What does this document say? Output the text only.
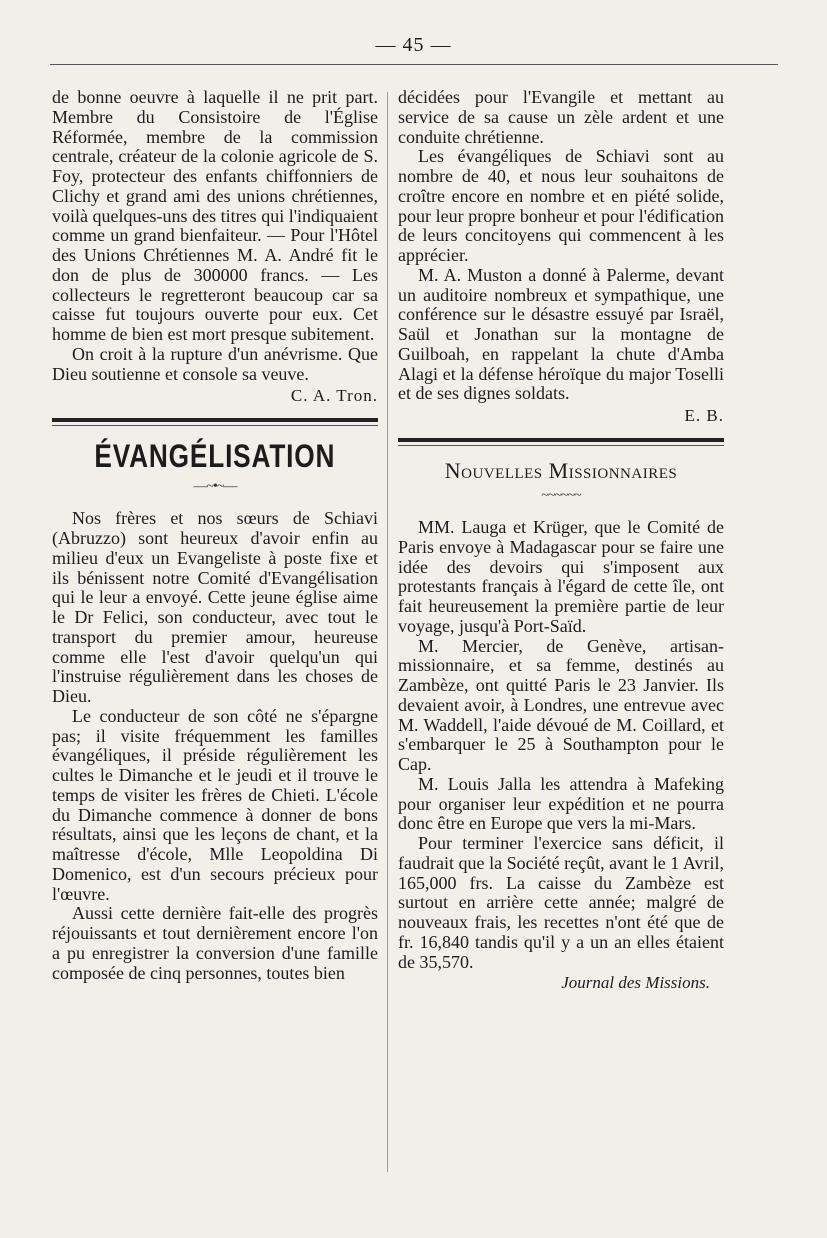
— 45 —

de bonne oeuvre à laquelle il ne prit part. Membre du Consistoire de l'Église Réformée, membre de la commission centrale, créateur de la colonie agricole de S. Foy, protecteur des enfants chiffonniers de Clichy et grand ami des unions chrétiennes, voilà quelques-uns des titres qui l'indiquaient comme un grand bienfaiteur. — Pour l'Hôtel des Unions Chrétiennes M. A. André fit le don de plus de 300000 francs. — Les collecteurs le regretteront beaucoup car sa caisse fut toujours ouverte pour eux. Cet homme de bien est mort presque subitement.

On croit à la rupture d'un anévrisme. Que Dieu soutienne et console sa veuve.

C. A. Tron.
ÉVANGÉLISATION
—~•~—

Nos frères et nos sœurs de Schiavi (Abruzzo) sont heureux d'avoir enfin au milieu d'eux un Evangeliste à poste fixe et ils bénissent notre Comité d'Evangélisation qui le leur a envoyé. Cette jeune église aime le Dr Felici, son conducteur, avec tout le transport du premier amour, heureuse comme elle l'est d'avoir quelqu'un qui l'instruise régulièrement dans les choses de Dieu.

Le conducteur de son côté ne s'épargne pas; il visite fréquemment les familles évangéliques, il préside régulièrement les cultes le Dimanche et le jeudi et il trouve le temps de visiter les frères de Chieti. L'école du Dimanche commence à donner de bons résultats, ainsi que les leçons de chant, et la maîtresse d'école, Mlle Leopoldina Di Domenico, est d'un secours précieux pour l'œuvre.

Aussi cette dernière fait-elle des progrès réjouissants et tout dernièrement encore l'on a pu enregistrer la conversion d'une famille composée de cinq personnes, toutes bien

décidées pour l'Evangile et mettant au service de sa cause un zèle ardent et une conduite chrétienne.

Les évangéliques de Schiavi sont au nombre de 40, et nous leur souhaitons de croître encore en nombre et en piété solide, pour leur propre bonheur et pour l'édification de leurs concitoyens qui commencent à les apprécier.

M. A. Muston a donné à Palerme, devant un auditoire nombreux et sympathique, une conférence sur le désastre essuyé par Israël, Saül et Jonathan sur la montagne de Guilboah, en rappelant la chute d'Amba Alagi et la défense héroïque du major Toselli et de ses dignes soldats.

E. B.
Nouvelles Missionnaires
~~~~~~

MM. Lauga et Krüger, que le Comité de Paris envoye à Madagascar pour se faire une idée des devoirs qui s'imposent aux protestants français à l'égard de cette île, ont fait heureusement la première partie de leur voyage, jusqu'à Port-Saïd.

M. Mercier, de Genève, artisan-missionnaire, et sa femme, destinés au Zambèze, ont quitté Paris le 23 Janvier. Ils devaient avoir, à Londres, une entrevue avec M. Waddell, l'aide dévoué de M. Coillard, et s'embarquer le 25 à Southampton pour le Cap.

M. Louis Jalla les attendra à Mafeking pour organiser leur expédition et ne pourra donc être en Europe que vers la mi-Mars.

Pour terminer l'exercice sans déficit, il faudrait que la Société reçût, avant le 1 Avril, 165,000 frs. La caisse du Zambèze est surtout en arrière cette année; malgré de nouveaux frais, les recettes n'ont été que de fr. 16,840 tandis qu'il y a un an elles étaient de 35,570.

Journal des Missions.
